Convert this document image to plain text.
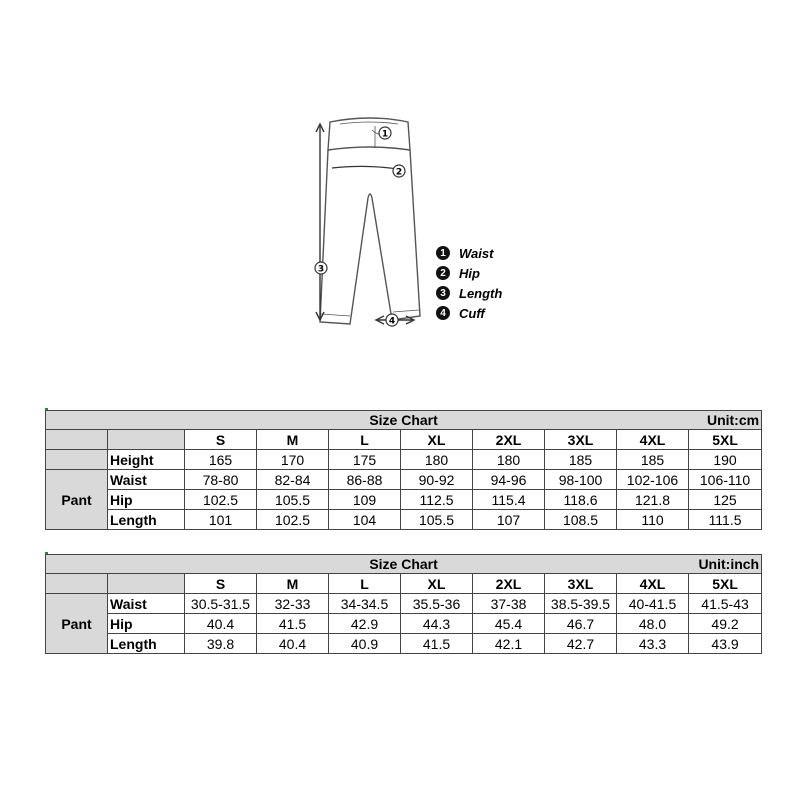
1
2
3
4
1	Waist
2	Hip
3	Length
4	Cuff
Size Chart Unit:cm									

		S	M	L	XL	2XL	3XL	4XL	5XL
	Height	165	170	175	180	180	185	185	190
Pant	Waist	78-80	82-84	86-88	90-92	94-96	98-100	102-106	106-110
	Hip	102.5	105.5	109	112.5	115.4	118.6	121.8	125
	Length	101	102.5	104	105.5	107	108.5	110	111.5
Size Chart Unit:inch									

		S	M	L	XL	2XL	3XL	4XL	5XL
Pant	Waist	30.5-31.5	32-33	34-34.5	35.5-36	37-38	38.5-39.5	40-41.5	41.5-43
	Hip	40.4	41.5	42.9	44.3	45.4	46.7	48.0	49.2
	Length	39.8	40.4	40.9	41.5	42.1	42.7	43.3	43.9
